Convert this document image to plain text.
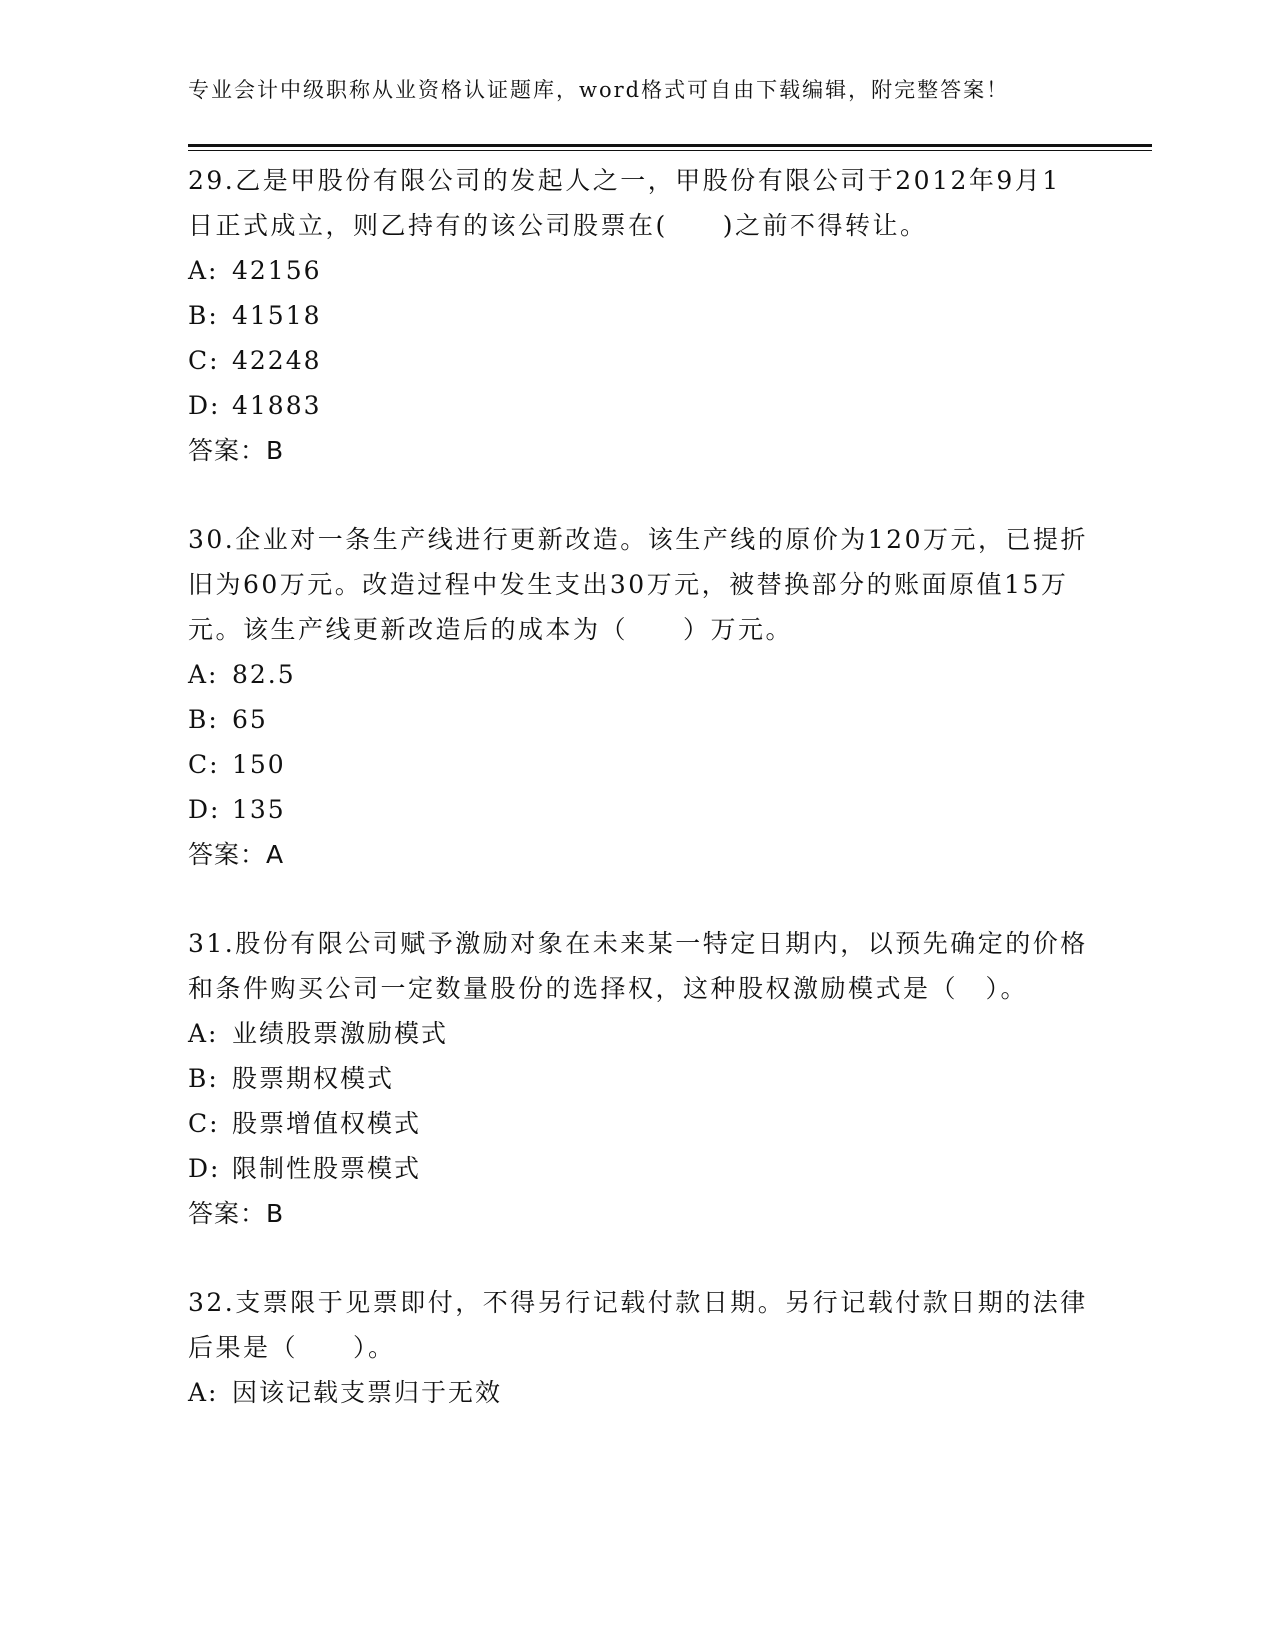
专业会计中级职称从业资格认证题库，word格式可自由下载编辑，附完整答案！

29.乙是甲股份有限公司的发起人之一，甲股份有限公司于2012年9月1日正式成立，则乙持有的该公司股票在(　　)之前不得转让。

A: 42156

B: 41518

C: 42248

D: 41883

答案：B

30.企业对一条生产线进行更新改造。该生产线的原价为120万元，已提折旧为60万元。改造过程中发生支出30万元，被替换部分的账面原值15万元。该生产线更新改造后的成本为（　　）万元。

A: 82.5

B: 65

C: 150

D: 135

答案：A

31.股份有限公司赋予激励对象在未来某一特定日期内，以预先确定的价格和条件购买公司一定数量股份的选择权，这种股权激励模式是（　）。

A: 业绩股票激励模式

B: 股票期权模式

C: 股票增值权模式

D: 限制性股票模式

答案：B

32.支票限于见票即付，不得另行记载付款日期。另行记载付款日期的法律后果是（　　）。

A: 因该记载支票归于无效
